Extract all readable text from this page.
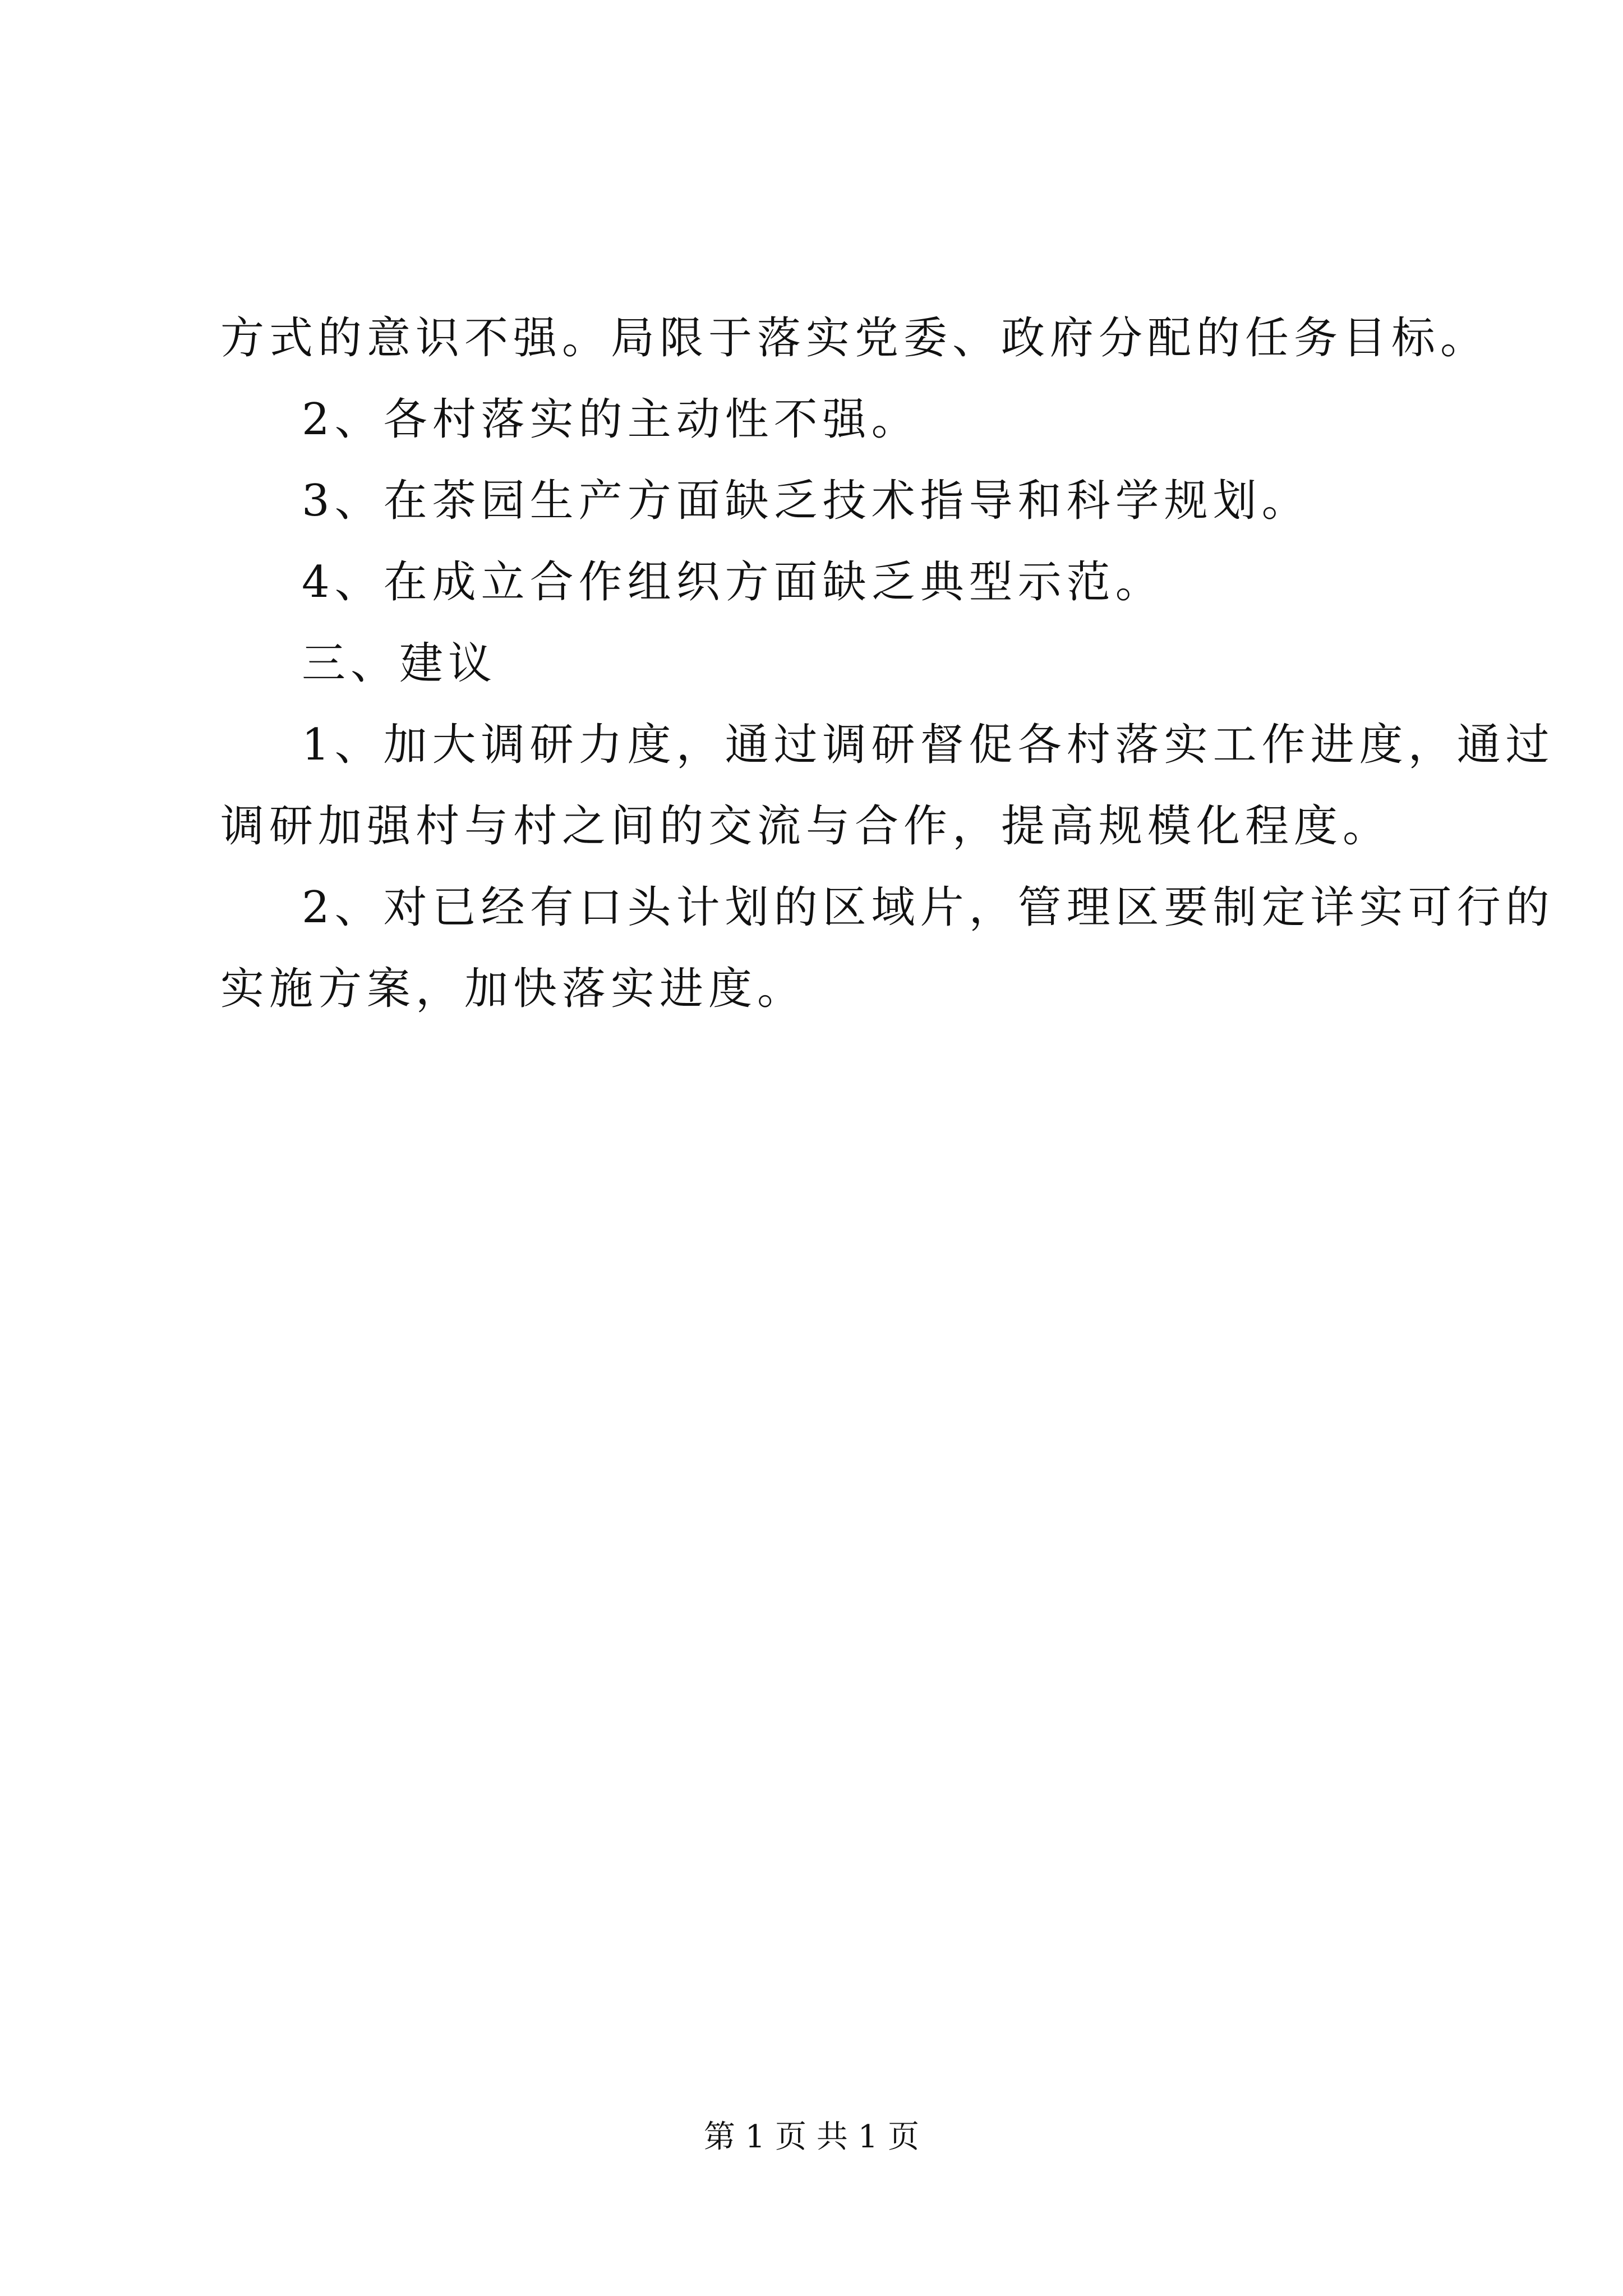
方式的意识不强。局限于落实党委、政府分配的任务目标。
2、各村落实的主动性不强。
3、在茶园生产方面缺乏技术指导和科学规划。
4、在成立合作组织方面缺乏典型示范。
三、建议
1、加大调研力度，通过调研督促各村落实工作进度，通过
调研加强村与村之间的交流与合作，提高规模化程度。
2、对已经有口头计划的区域片，管理区要制定详实可行的
实施方案，加快落实进度。
第 1 页 共 1 页
